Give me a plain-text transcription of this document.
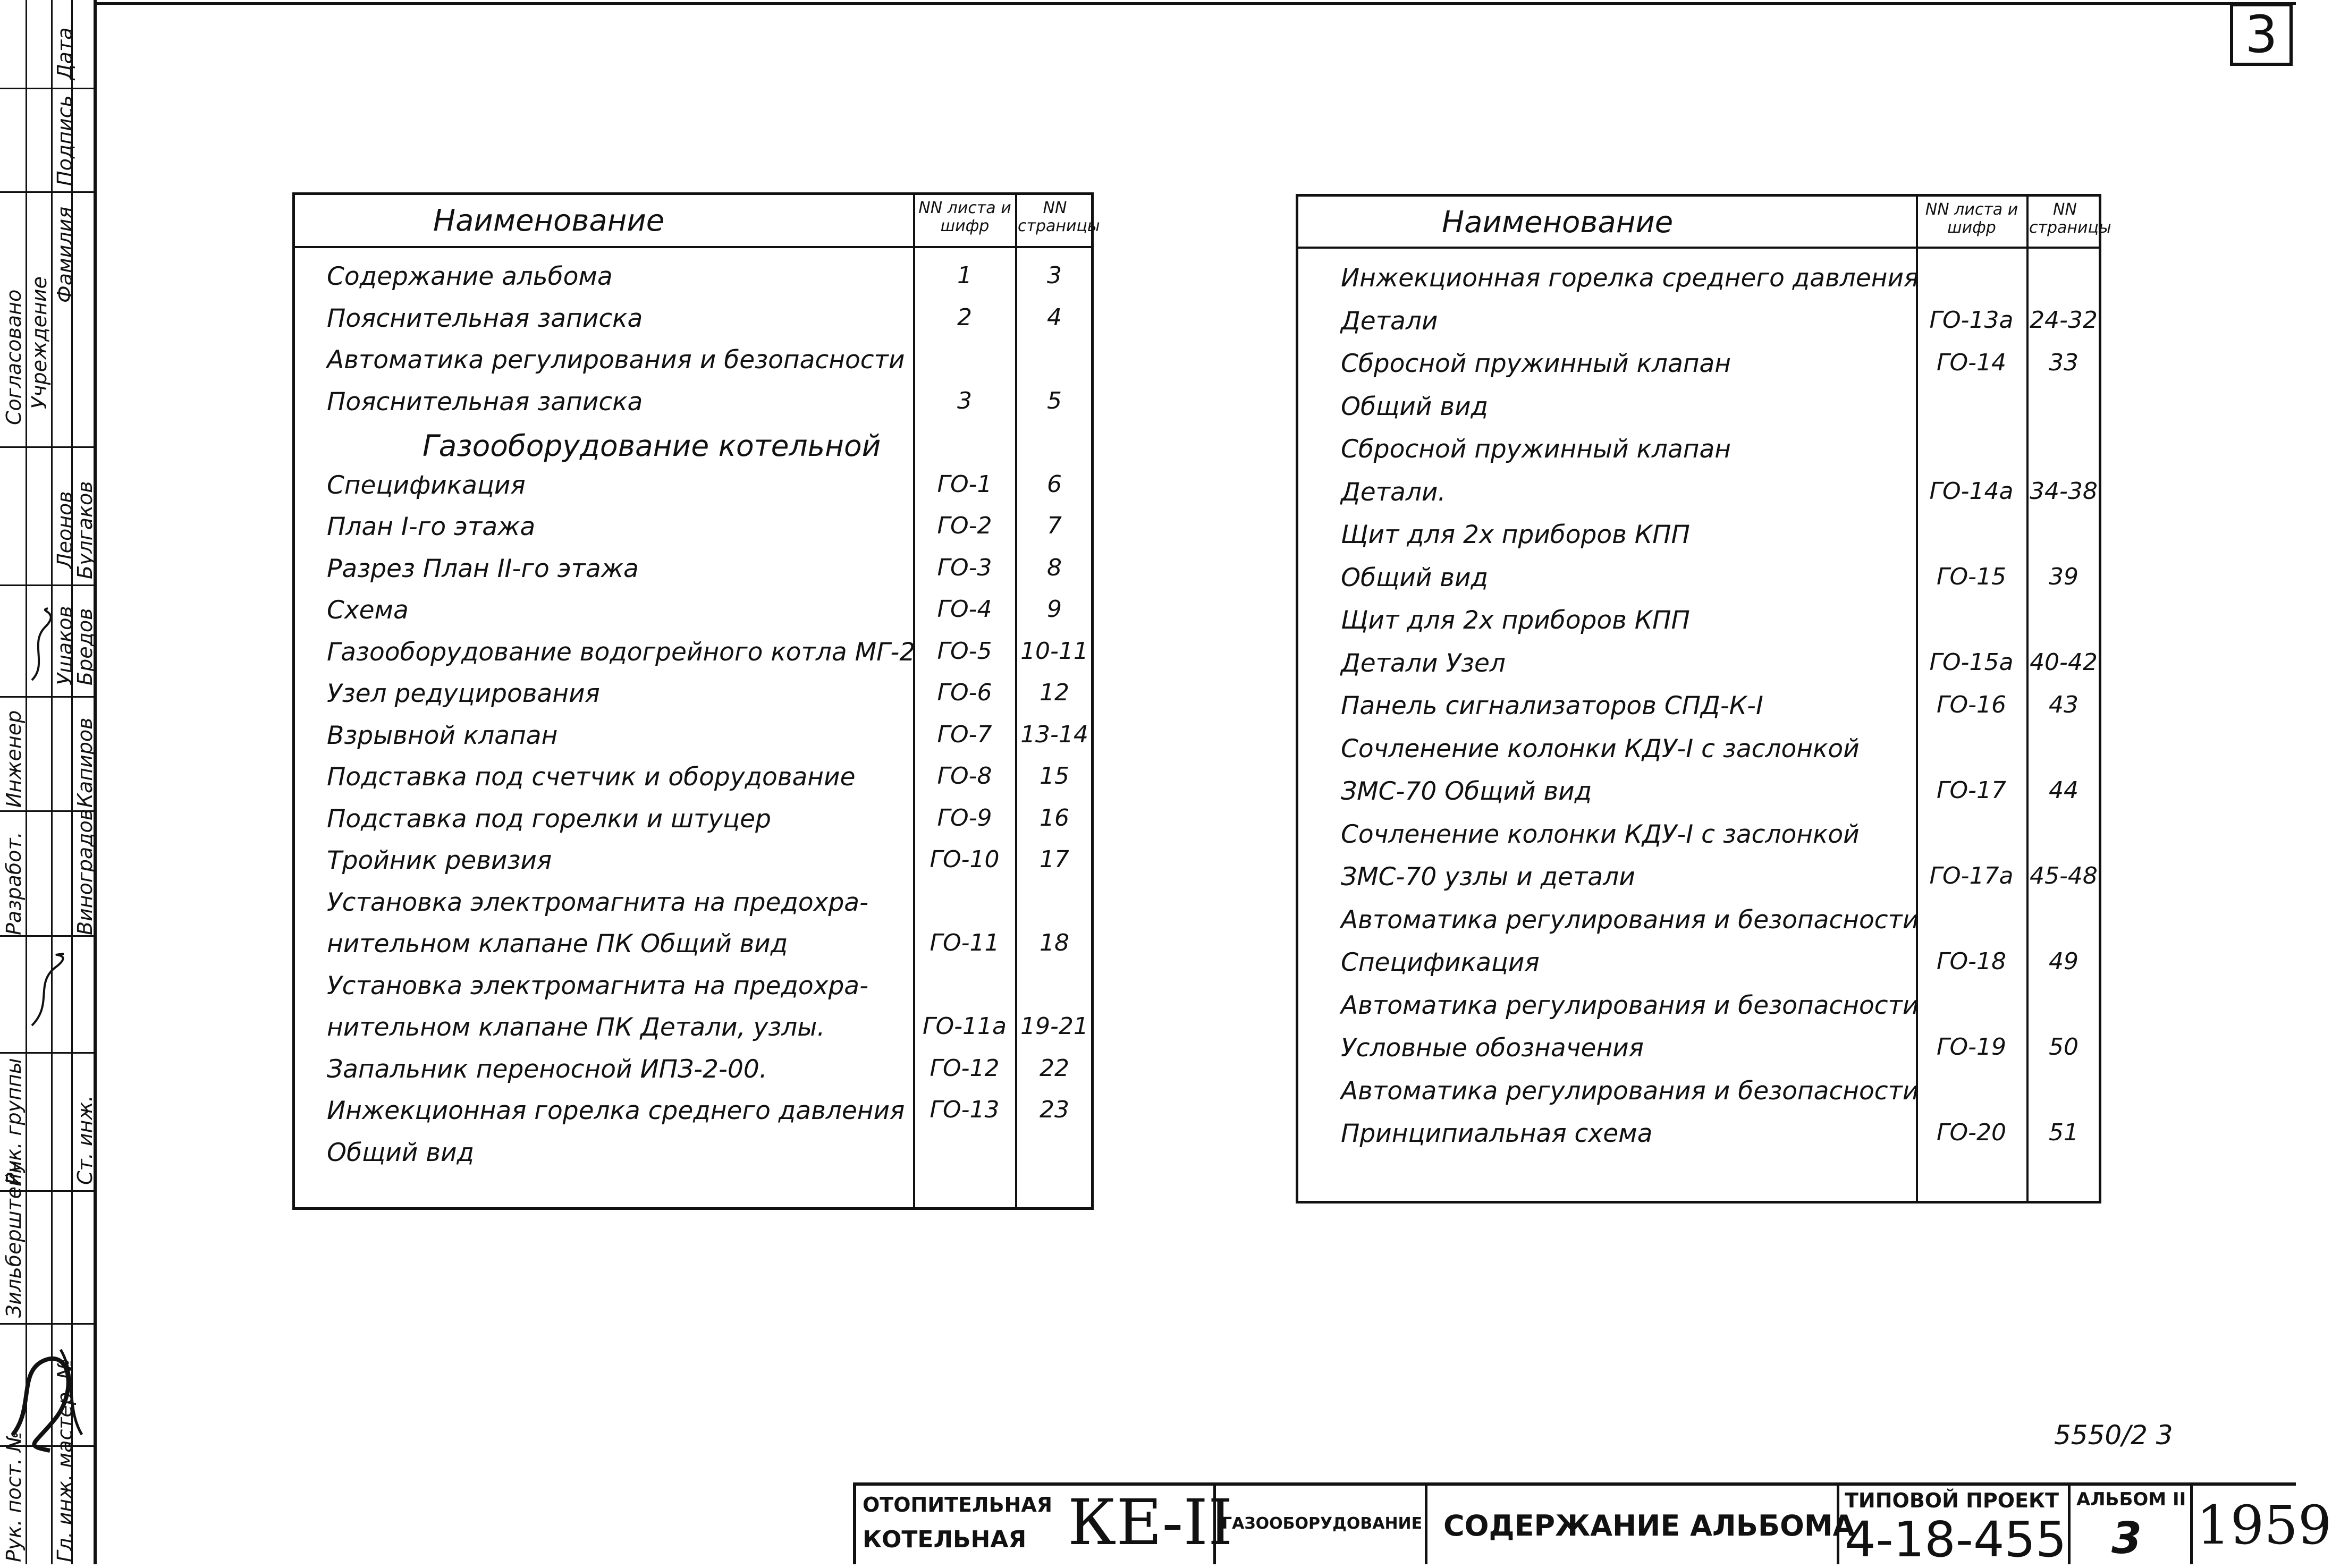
3
Согласовано Учреждение
Фамилия
Подпись
Дата
Леонов
Булгаков
Ушаков
Бредов
Капиров
Виноградов
Ст. инж.
Инженер
Разработ.
Рук. группы
Зильберштейн
Рук. пост. № Гл. инж. мастер. №
Наименование	NN листа и шифр
NN страницы
Содержание альбома	1	3
Пояснительная записка	2	4
Автоматика регулирования и безопасности
Пояснительная записка	3	5
Газооборудование котельной
Спецификация	ГО-1	6
План I-го этажа	ГО-2	7
Разрез План II-го этажа	ГО-3	8
Схема	ГО-4	9
Газооборудование водогрейного котла МГ-2 ГО-5	10-11
Узел редуцирования	ГО-6	12
Взрывной клапан	ГО-7	13-14
Подставка под счетчик и оборудование	ГО-8	15
Подставка под горелки и штуцер	ГО-9	16
Тройник ревизия	ГО-10	17
Установка электромагнита на предохра-
нительном клапане ПК Общий вид	ГО-11	18
Установка электромагнита на предохра-
нительном клапане ПК Детали, узлы.	ГО-11а 19-21
Запальник переносной ИПЗ-2-00.	ГО-12	22
Инжекционная горелка среднего давления	ГО-13	23
Общий вид
Наименование	NN листа и шифр
NN страницы
Инжекционная горелка среднего давления
Детали	ГО-13а 24-32
Сбросной пружинный клапан	ГО-14	33
Общий вид
Сбросной пружинный клапан
Детали.	ГО-14а 34-38
Щит для 2х приборов КПП
Общий вид	ГО-15	39
Щит для 2х приборов КПП
Детали Узел	ГО-15а 40-42
Панель сигнализаторов СПД-К-I	ГО-16	43
Сочленение колонки КДУ-I с заслонкой
ЗМС-70 Общий вид	ГО-17	44
Сочленение колонки КДУ-I с заслонкой
ЗМС-70 узлы и детали	ГО-17а 45-48
Автоматика регулирования и безопасности
Спецификация	ГО-18	49
Автоматика регулирования и безопасности
Условные обозначения	ГО-19	50
Автоматика регулирования и безопасности
Принципиальная схема	ГО-20	51
5550/2 3
ОТОПИТЕЛЬНАЯ
КОТЕЛЬНАЯ КЕ-II
ГАЗООБОРУДОВАНИЕ СОДЕРЖАНИЕ АЛЬБОМА
ТИПОВОЙ ПРОЕКТ
4-18-455
АЛЬБОМ II
3 1959
